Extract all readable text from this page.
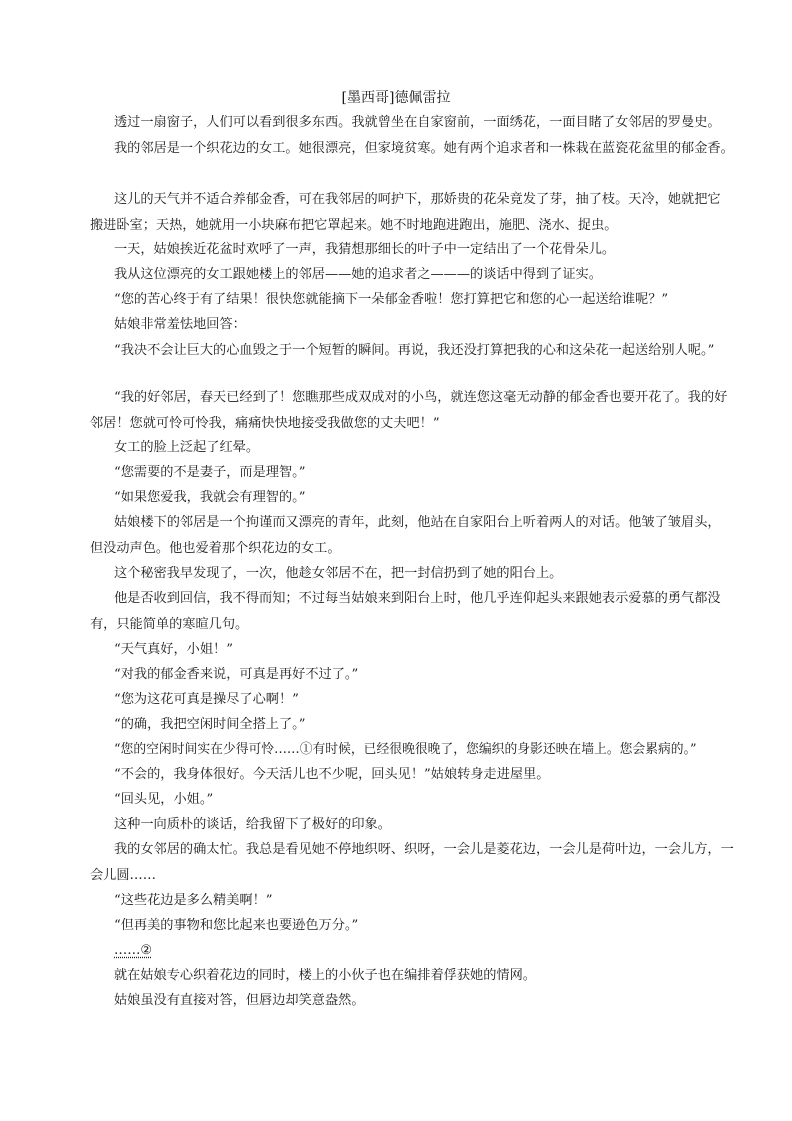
[墨西哥]德佩雷拉
透过一扇窗子，人们可以看到很多东西。我就曾坐在自家窗前，一面绣花，一面目睹了女邻居的罗曼史。
我的邻居是一个织花边的女工。她很漂亮，但家境贫寒。她有两个追求者和一株栽在蓝瓷花盆里的郁金香。
这儿的天气并不适合养郁金香，可在我邻居的呵护下，那娇贵的花朵竟发了芽，抽了枝。天冷，她就把它搬进卧室；天热，她就用一小块麻布把它罩起来。她不时地跑进跑出，施肥、浇水、捉虫。
一天，姑娘挨近花盆时欢呼了一声，我猜想那细长的叶子中一定结出了一个花骨朵儿。
我从这位漂亮的女工跟她楼上的邻居——她的追求者之———的谈话中得到了证实。
“您的苦心终于有了结果！很快您就能摘下一朵郁金香啦！您打算把它和您的心一起送给谁呢？”
姑娘非常羞怯地回答：
“我决不会让巨大的心血毁之于一个短暂的瞬间。再说，我还没打算把我的心和这朵花一起送给别人呢。”
“我的好邻居，春天已经到了！您瞧那些成双成对的小鸟，就连您这毫无动静的郁金香也要开花了。我的好邻居！您就可怜可怜我，痛痛快快地接受我做您的丈夫吧！”
女工的脸上泛起了红晕。
“您需要的不是妻子，而是理智。”
“如果您爱我，我就会有理智的。”
姑娘楼下的邻居是一个拘谨而又漂亮的青年，此刻，他站在自家阳台上听着两人的对话。他皱了皱眉头，但没动声色。他也爱着那个织花边的女工。
这个秘密我早发现了，一次，他趁女邻居不在，把一封信扔到了她的阳台上。
他是否收到回信，我不得而知；不过每当姑娘来到阳台上时，他几乎连仰起头来跟她表示爱慕的勇气都没有，只能简单的寒暄几句。
“天气真好，小姐！”
“对我的郁金香来说，可真是再好不过了。”
“您为这花可真是操尽了心啊！”
“的确，我把空闲时间全搭上了。”
“您的空闲时间实在少得可怜……①有时候，已经很晚很晚了，您编织的身影还映在墙上。您会累病的。”
“不会的，我身体很好。今天活儿也不少呢，回头见！”姑娘转身走进屋里。
“回头见，小姐。”
这种一向质朴的谈话，给我留下了极好的印象。
我的女邻居的确太忙。我总是看见她不停地织呀、织呀，一会儿是菱花边，一会儿是荷叶边，一会儿方，一会儿圆……
“这些花边是多么精美啊！”
“但再美的事物和您比起来也要逊色万分。”
……②
就在姑娘专心织着花边的同时，楼上的小伙子也在编排着俘获她的情网。
姑娘虽没有直接对答，但唇边却笑意盎然。
